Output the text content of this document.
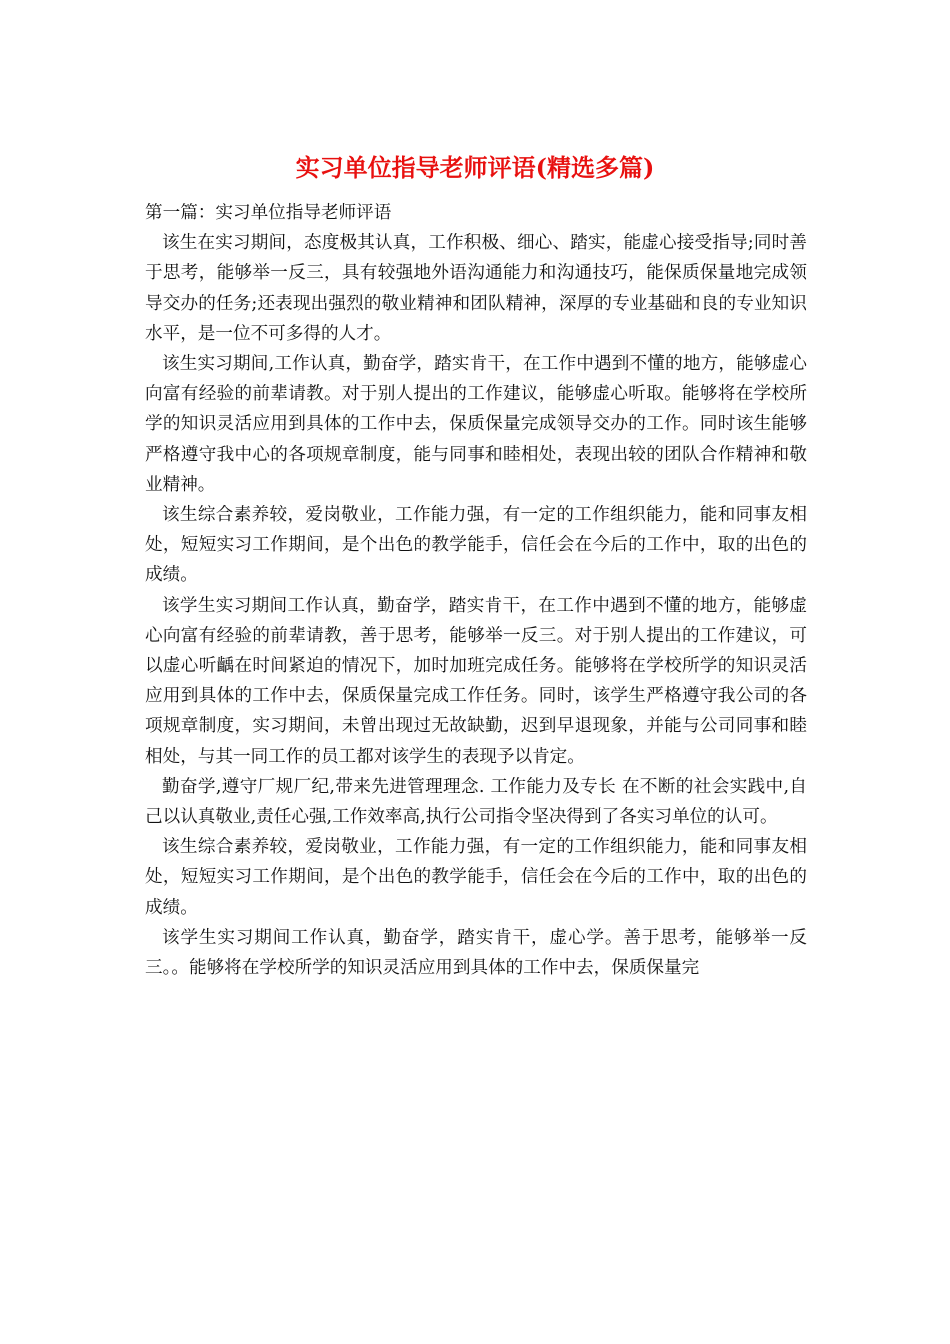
实习单位指导老师评语(精选多篇)

第一篇：实习单位指导老师评语

该生在实习期间，态度极其认真，工作积极、细心、踏实，能虚心接受指导;同时善于思考，能够举一反三，具有较强地外语沟通能力和沟通技巧，能保质保量地完成领导交办的任务;还表现出强烈的敬业精神和团队精神，深厚的专业基础和良的专业知识水平，是一位不可多得的人才。

该生实习期间,工作认真，勤奋学，踏实肯干，在工作中遇到不懂的地方，能够虚心向富有经验的前辈请教。对于别人提出的工作建议，能够虚心听取。能够将在学校所学的知识灵活应用到具体的工作中去，保质保量完成领导交办的工作。同时该生能够严格遵守我中心的各项规章制度，能与同事和睦相处，表现出较的团队合作精神和敬业精神。

该生综合素养较，爱岗敬业，工作能力强，有一定的工作组织能力，能和同事友相处，短短实习工作期间，是个出色的教学能手，信任会在今后的工作中，取的出色的成绩。

该学生实习期间工作认真，勤奋学，踏实肯干，在工作中遇到不懂的地方，能够虚心向富有经验的前辈请教，善于思考，能够举一反三。对于别人提出的工作建议，可以虚心听齲在时间紧迫的情况下，加时加班完成任务。能够将在学校所学的知识灵活应用到具体的工作中去，保质保量完成工作任务。同时，该学生严格遵守我公司的各项规章制度，实习期间，未曾出现过无故缺勤，迟到早退现象，并能与公司同事和睦相处，与其一同工作的员工都对该学生的表现予以肯定。

勤奋学,遵守厂规厂纪,带来先进管理理念. 工作能力及专长 在不断的社会实践中,自己以认真敬业,责任心强,工作效率高,执行公司指令坚决得到了各实习单位的认可。

该生综合素养较，爱岗敬业，工作能力强，有一定的工作组织能力，能和同事友相处，短短实习工作期间，是个出色的教学能手，信任会在今后的工作中，取的出色的成绩。

该学生实习期间工作认真，勤奋学，踏实肯干，虚心学。善于思考，能够举一反三。。能够将在学校所学的知识灵活应用到具体的工作中去，保质保量完
